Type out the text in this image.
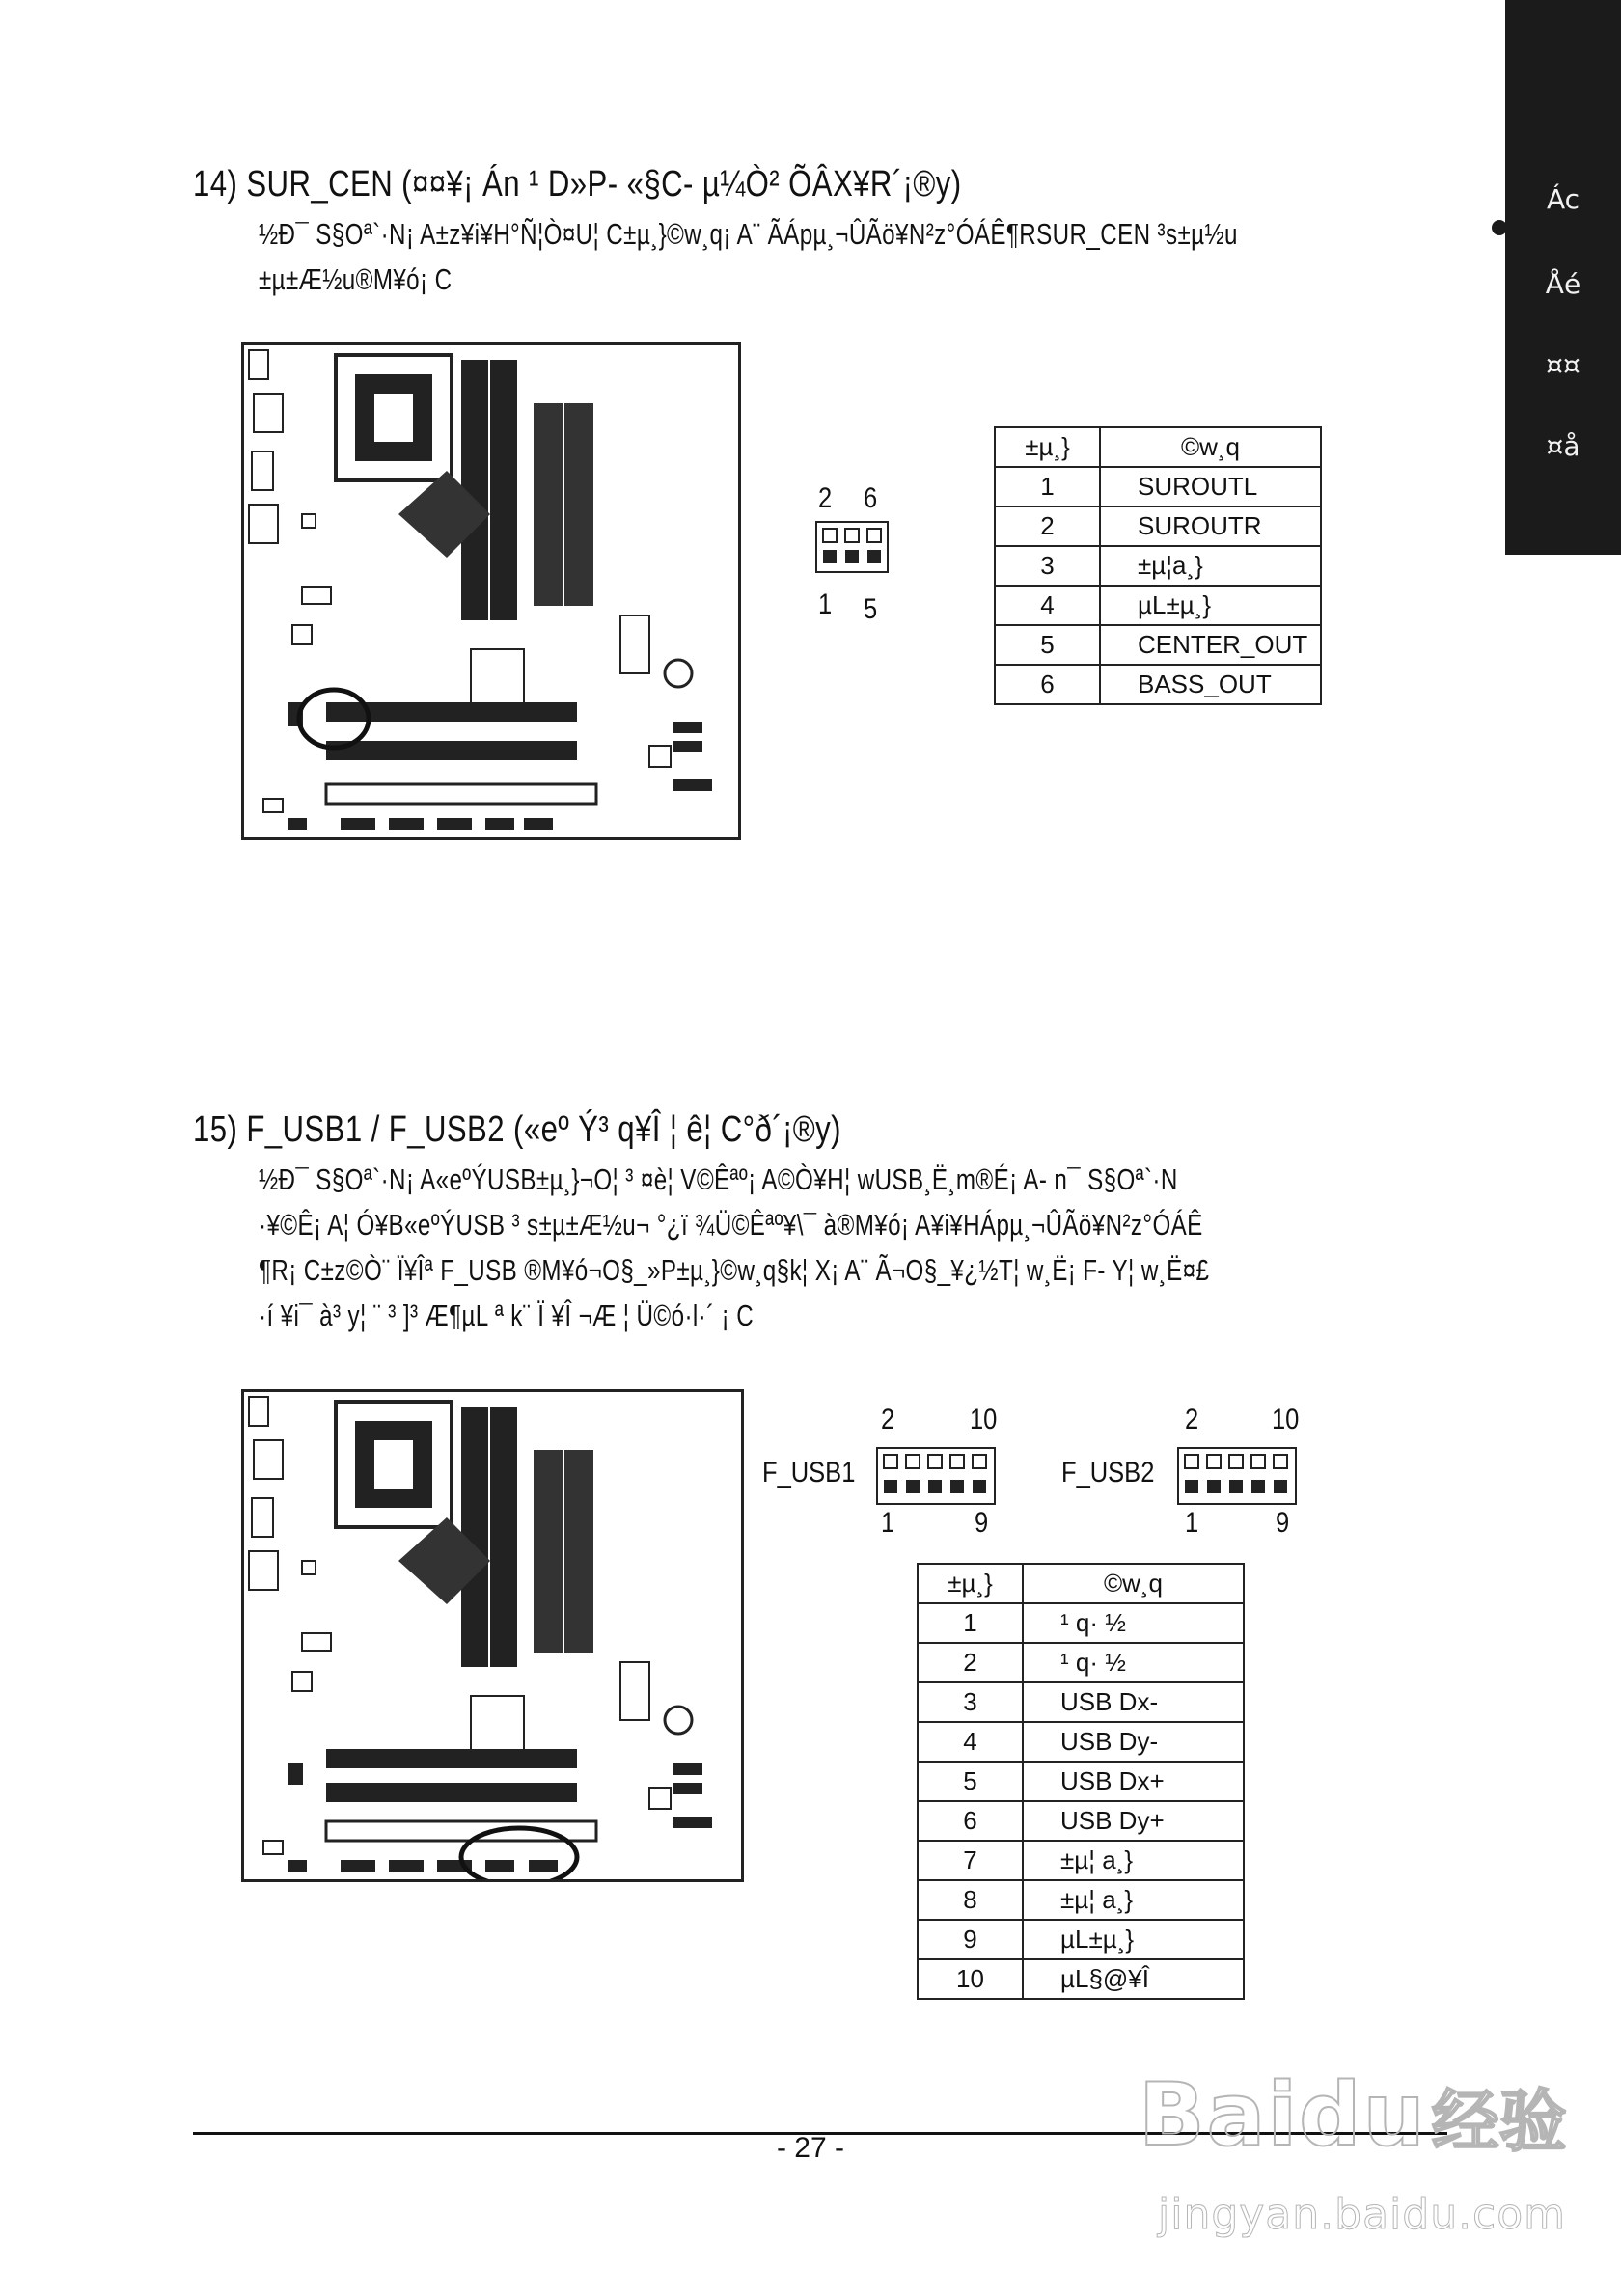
Ác
Åé
¤¤
¤å
14) SUR_CEN (¤¤¥¡ Án ¹ D»P- «§C- µ¼Ò² ÕÂX¥R´¡®y)
½Ð¯ S§Oª`·N¡ A±z¥i¥H°Ñ¦Ò¤U¦ C±µ¸}©w¸q¡ A¨ ÃÁpµ¸¬ÛÃö¥N²z°ÓÁÊ¶RSUR_CEN ³s±µ½u
±µ±Æ½u®M¥ó¡ C
2 6
1 5
±µ¸}	©w¸q
1	SUROUTL
2	SUROUTR
3	±µ¦a¸}
4	µL±µ¸}
5	CENTER_OUT
6	BASS_OUT
15) F_USB1 / F_USB2 («eº Ý³ q¥Î ¦ ê¦ C°ð´¡®y)
½Ð¯ S§Oª`·N¡ A«eºÝUSB±µ¸}¬O¦ ³ ¤è¦ V©Êªº¡ A©Ò¥H¦ wUSB¸Ë¸m®É¡ A- n¯ S§Oª`·N
·¥©Ê¡ A¦ Ó¥B«eºÝUSB ³ s±µ±Æ½u¬ °¿ï ¾Ü©Êªº¥\¯ à®M¥ó¡ A¥i¥HÁpµ¸¬ÛÃö¥N²z°ÓÁÊ
¶R¡ C±z©Ò¨ Ï¥Îª F_USB ®M¥ó¬O§_»P±µ¸}©w¸q§k¦ X¡ A¨ Ã¬O§_¥¿½T¦ w¸Ë¡ F- Y¦ w¸Ë¤£
·í ¥i¯ à³ y¦ ¨ ³ ]³ Æ¶µL ª k¨ Ï ¥Î ¬Æ ¦ Ü©ó·l·´ ¡ C
2	10
F_USB1
1	9
2	10
F_USB2
1	9
±µ¸}	©w¸q
1	¹ q· ½
2	¹ q· ½
3	USB Dx-
4	USB Dy-
5	USB Dx+
6	USB Dy+
7	±µ¦ a¸}
8	±µ¦ a¸}
9	µL±µ¸}
10	µL§@¥Î
- 27 -	Baidu 经验
jingyan.baidu.com
